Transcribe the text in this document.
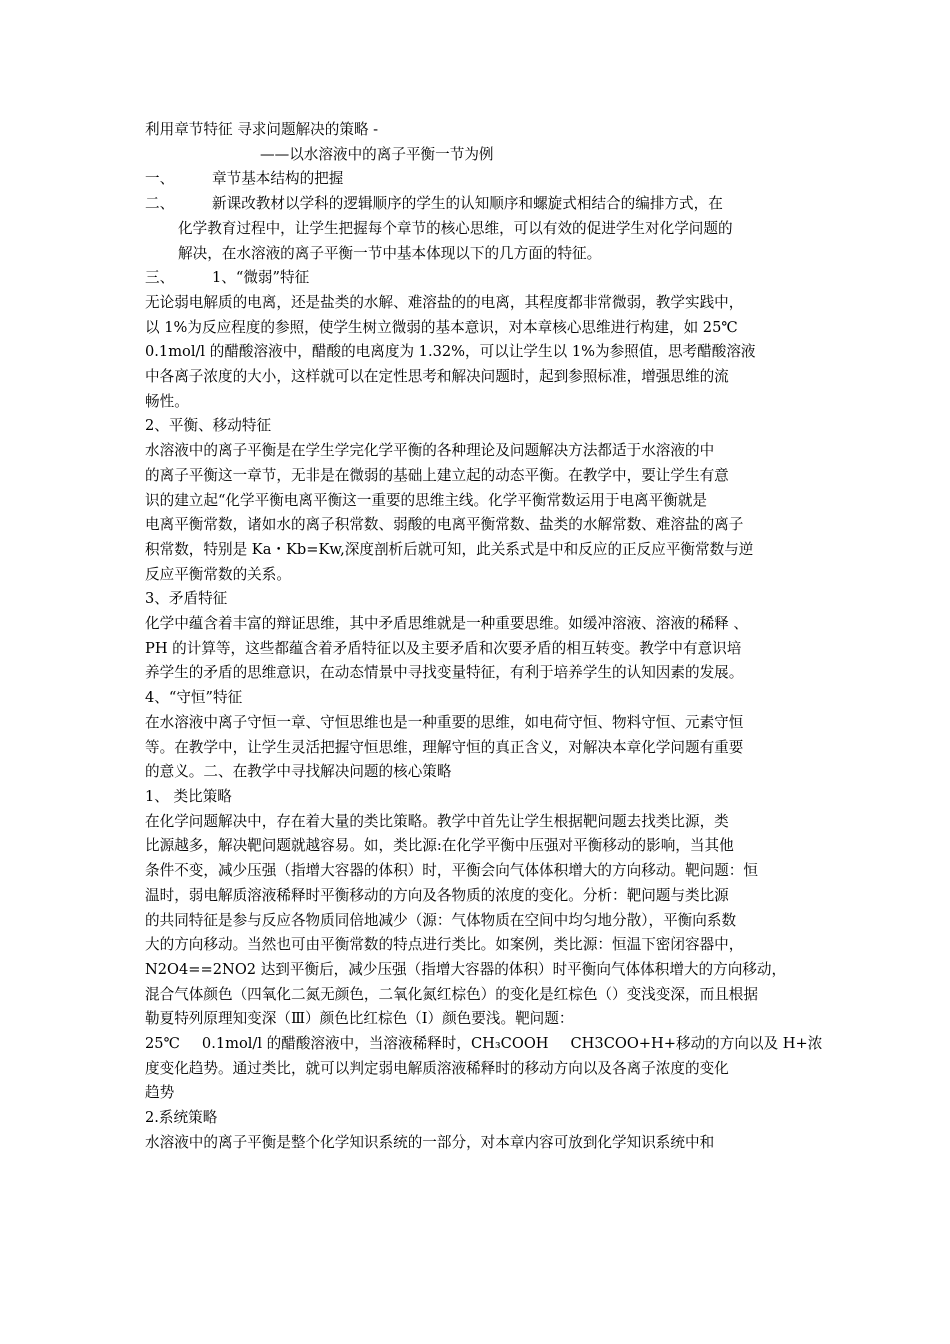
利用章节特征 寻求问题解决的策略 -
——以水溶液中的离子平衡一节为例
一、	章节基本结构的把握
二、	新课改教材以学科的逻辑顺序的学生的认知顺序和螺旋式相结合的编排方式，在
化学教育过程中，让学生把握每个章节的核心思维，可以有效的促进学生对化学问题的
解决，在水溶液的离子平衡一节中基本体现以下的几方面的特征。
三、	1、“微弱”特征
无论弱电解质的电离，还是盐类的水解、难溶盐的的电离，其程度都非常微弱，教学实践中，
以 1%为反应程度的参照，使学生树立微弱的基本意识，对本章核心思维进行构建，如 25℃
0.1mol/l 的醋酸溶液中，醋酸的电离度为 1.32%，可以让学生以 1%为参照值，思考醋酸溶液
中各离子浓度的大小，这样就可以在定性思考和解决问题时，起到参照标准，增强思维的流
畅性。
2、平衡、移动特征
水溶液中的离子平衡是在学生学完化学平衡的各种理论及问题解决方法都适于水溶液的中
的离子平衡这一章节，无非是在微弱的基础上建立起的动态平衡。在教学中，要让学生有意
识的建立起“化学平衡电离平衡这一重要的思维主线。化学平衡常数运用于电离平衡就是
电离平衡常数，诸如水的离子积常数、弱酸的电离平衡常数、盐类的水解常数、难溶盐的离子
积常数，特别是 Ka・Kb=Kw,深度剖析后就可知，此关系式是中和反应的正反应平衡常数与逆
反应平衡常数的关系。
3、矛盾特征
化学中蕴含着丰富的辩证思维，其中矛盾思维就是一种重要思维。如缓冲溶液、溶液的稀释 、
PH 的计算等，这些都蕴含着矛盾特征以及主要矛盾和次要矛盾的相互转变。教学中有意识培
养学生的矛盾的思维意识，在动态情景中寻找变量特征，有利于培养学生的认知因素的发展。
4、“守恒”特征
在水溶液中离子守恒一章、守恒思维也是一种重要的思维，如电荷守恒、物料守恒、元素守恒
等。在教学中，让学生灵活把握守恒思维，理解守恒的真正含义，对解决本章化学问题有重要
的意义。二、在教学中寻找解决问题的核心策略
1、 类比策略
在化学问题解决中，存在着大量的类比策略。教学中首先让学生根据靶问题去找类比源，类
比源越多，解决靶问题就越容易。如，类比源:在化学平衡中压强对平衡移动的影响，当其他
条件不变，减少压强（指增大容器的体积）时，平衡会向气体体积增大的方向移动。靶问题：恒
温时，弱电解质溶液稀释时平衡移动的方向及各物质的浓度的变化。分析：靶问题与类比源
的共同特征是参与反应各物质同倍地减少（源：气体物质在空间中均匀地分散），平衡向系数
大的方向移动。当然也可由平衡常数的特点进行类比。如案例，类比源：恒温下密闭容器中，
N2O4==2NO2 达到平衡后，减少压强（指增大容器的体积）时平衡向气体体积增大的方向移动，
混合气体颜色（四氧化二氮无颜色，二氧化氮红棕色）的变化是红棕色（）变浅变深，而且根据
勒夏特列原理知变深（Ⅲ）颜色比红棕色（Ⅰ）颜色要浅。靶问题：
25℃ 0.1mol/l 的醋酸溶液中，当溶液稀释时，CH₃COOH CH3COO+H+移动的方向以及 H+浓
度变化趋势。通过类比，就可以判定弱电解质溶液稀释时的移动方向以及各离子浓度的变化
趋势
2.系统策略
水溶液中的离子平衡是整个化学知识系统的一部分，对本章内容可放到化学知识系统中和
